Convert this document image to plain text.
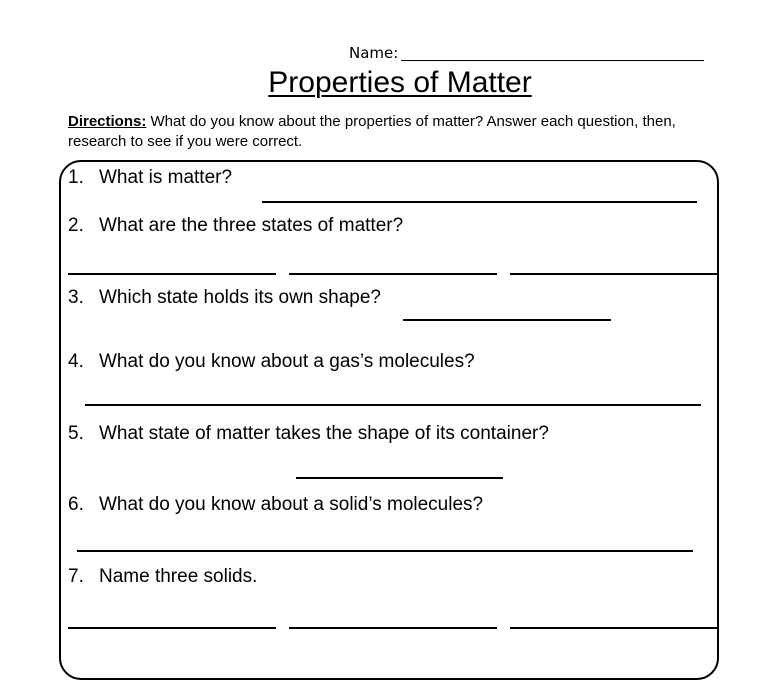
Name:
Properties of Matter
Directions: What do you know about the properties of matter? Answer each question, then, research to see if you were correct.
1. What is matter?
2. What are the three states of matter?
3. Which state holds its own shape?
4. What do you know about a gas’s molecules?
5. What state of matter takes the shape of its container?
6. What do you know about a solid’s molecules?
7. Name three solids.
